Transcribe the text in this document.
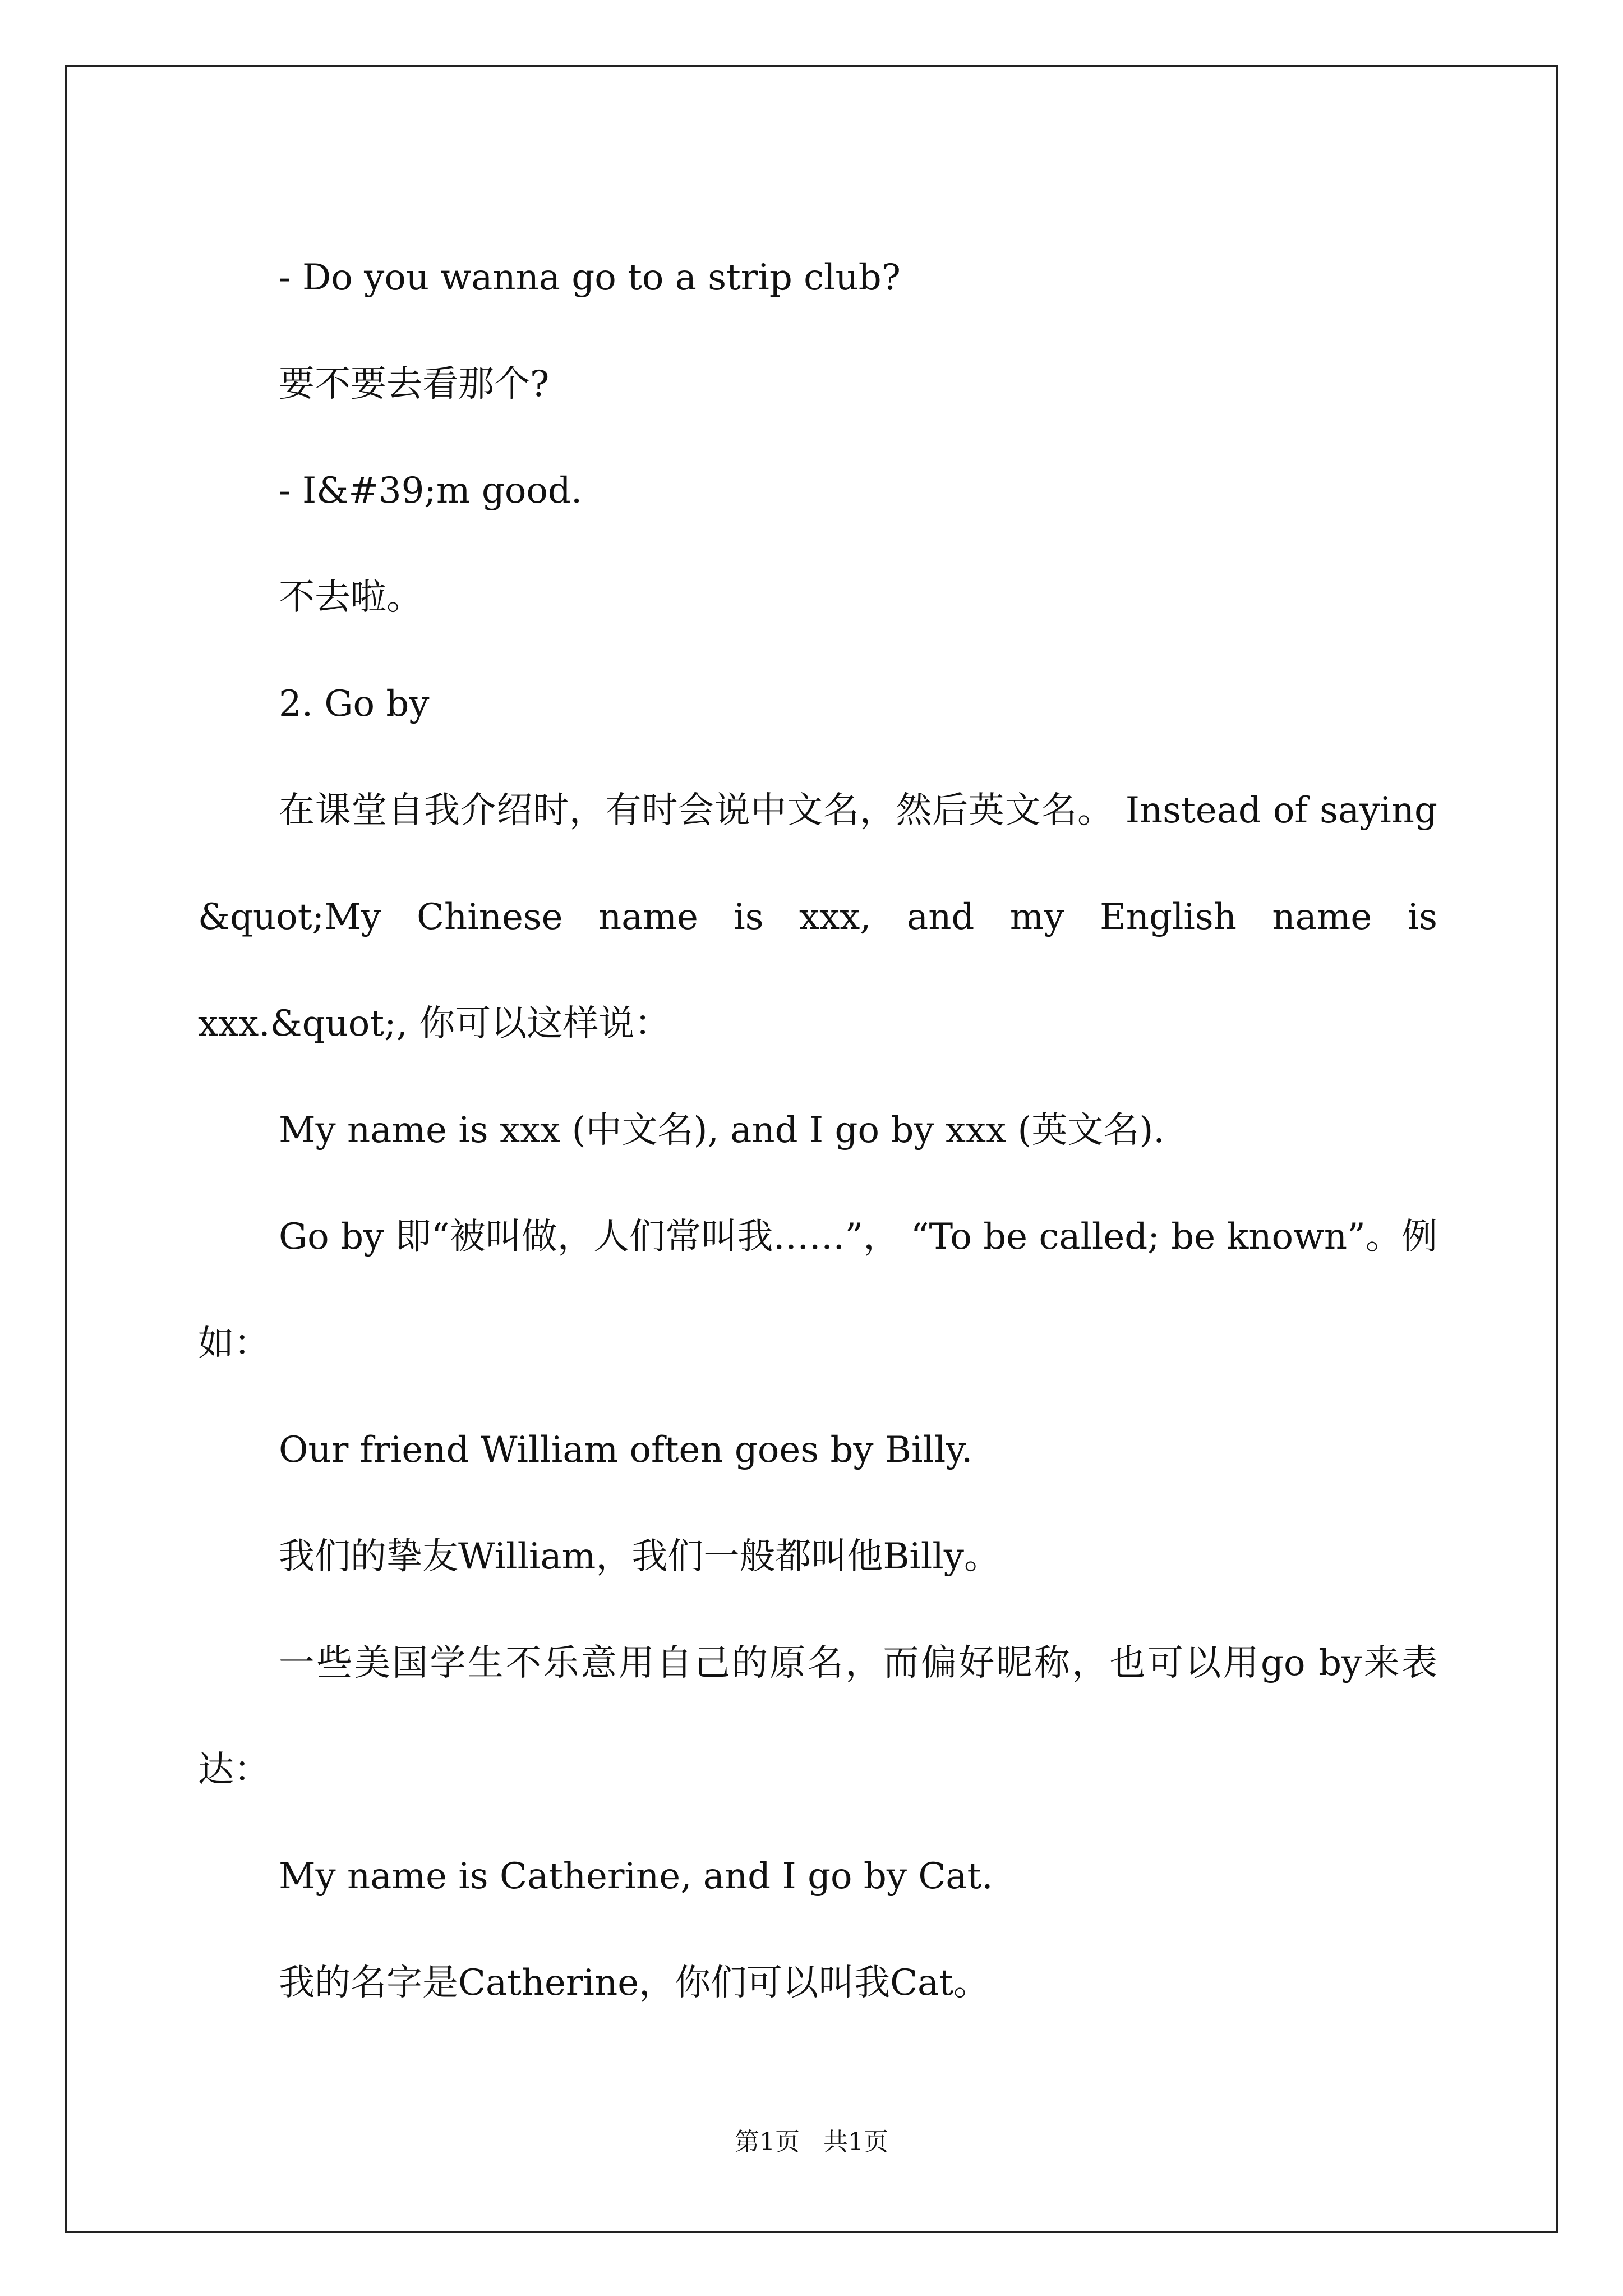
- Do you wanna go to a strip club?

要不要去看那个?

- I&#39;m good.

不去啦。

2. Go by

在课堂自我介绍时，有时会说中文名，然后英文名。 Instead of saying &quot;My Chinese name is xxx, and my English name is xxx.&quot;, 你可以这样说：

My name is xxx (中文名), and I go by xxx (英文名).

Go by 即“被叫做，人们常叫我……”， “To be called; be known”。例如：

Our friend William often goes by Billy.

我们的挚友William，我们一般都叫他Billy。

一些美国学生不乐意用自己的原名，而偏好昵称，也可以用go by来表达：

My name is Catherine, and I go by Cat.

我的名字是Catherine，你们可以叫我Cat。

第1页 共1页
